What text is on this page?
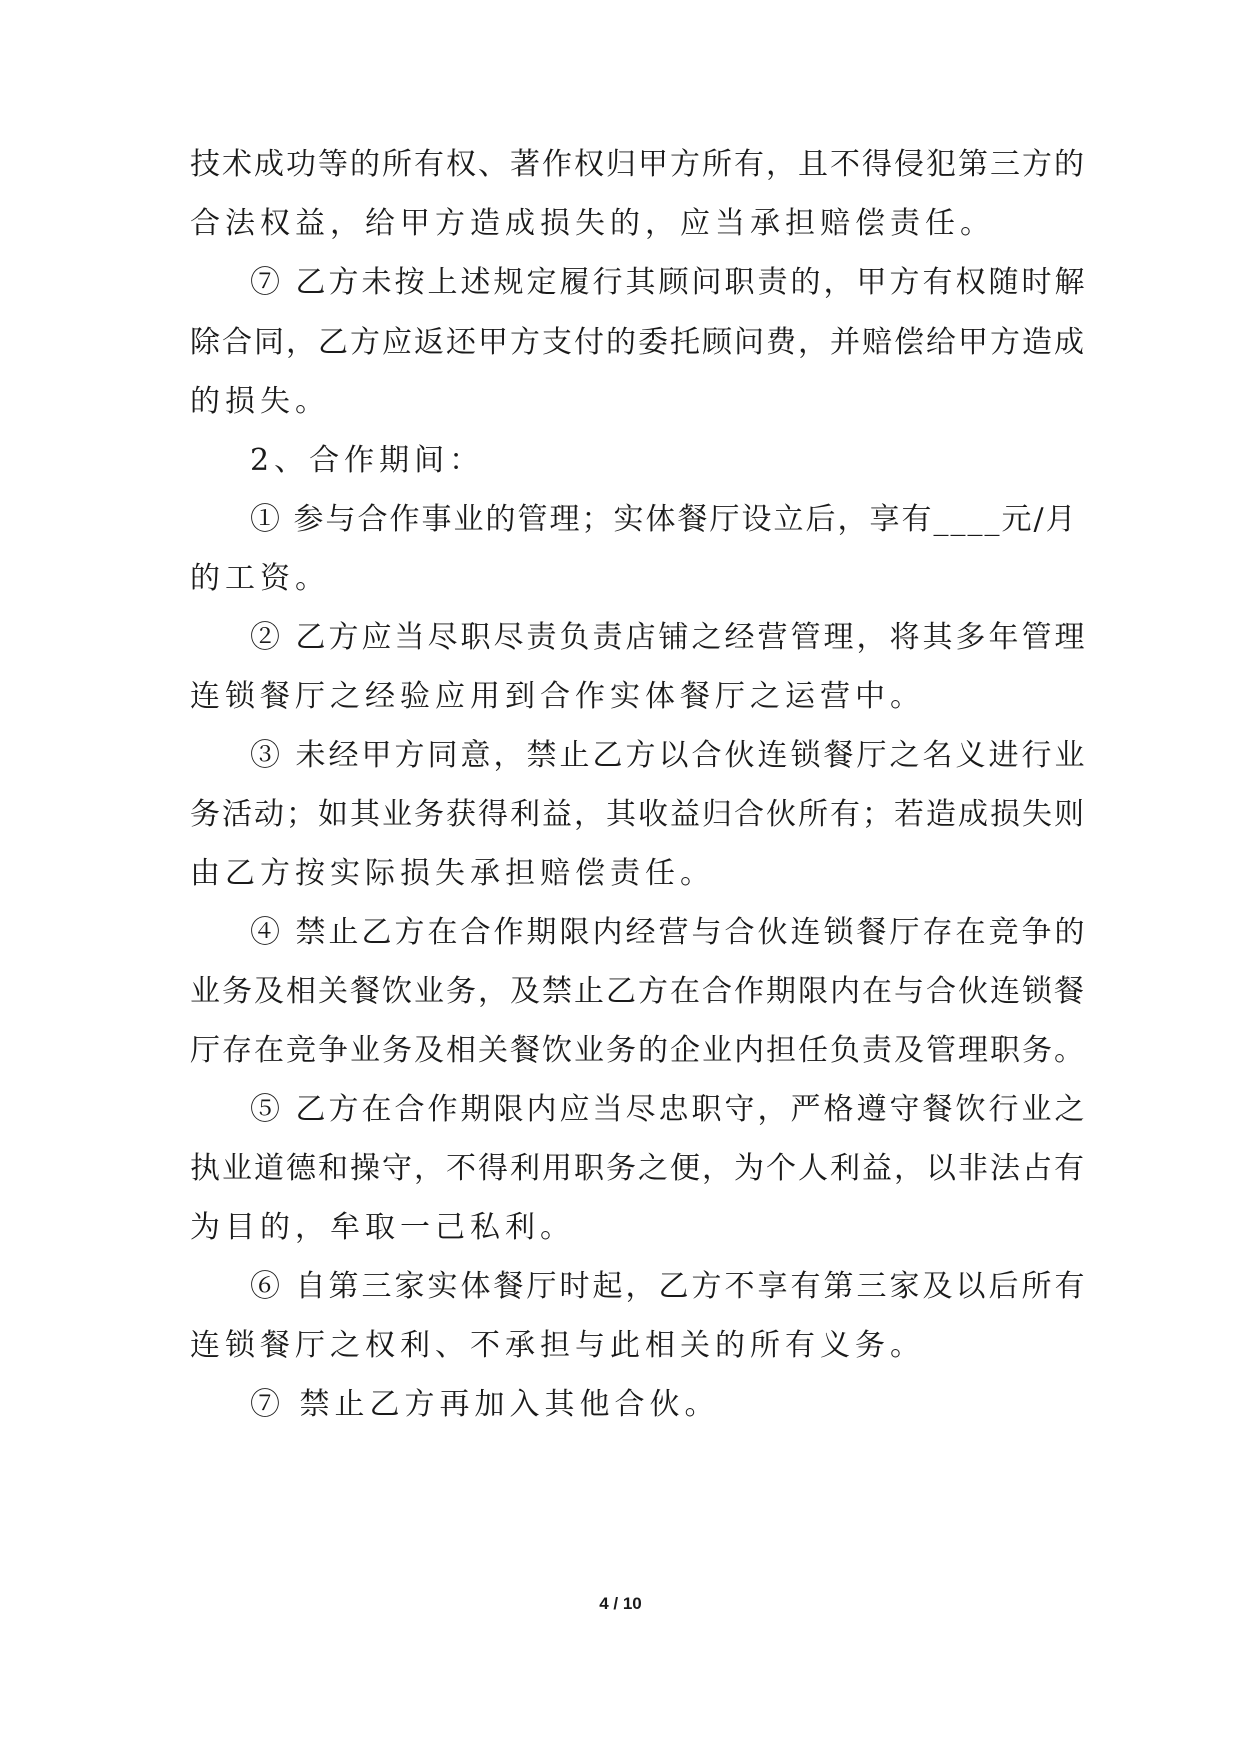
技术成功等的所有权、著作权归甲方所有，且不得侵犯第三方的
合法权益，给甲方造成损失的，应当承担赔偿责任。
⑦ 乙方未按上述规定履行其顾问职责的，甲方有权随时解
除合同，乙方应返还甲方支付的委托顾问费，并赔偿给甲方造成
的损失。
2、合作期间：
① 参与合作事业的管理；实体餐厅设立后，享有____元/月
的工资。
② 乙方应当尽职尽责负责店铺之经营管理，将其多年管理
连锁餐厅之经验应用到合作实体餐厅之运营中。
③ 未经甲方同意，禁止乙方以合伙连锁餐厅之名义进行业
务活动；如其业务获得利益，其收益归合伙所有；若造成损失则
由乙方按实际损失承担赔偿责任。
④ 禁止乙方在合作期限内经营与合伙连锁餐厅存在竞争的
业务及相关餐饮业务，及禁止乙方在合作期限内在与合伙连锁餐
厅存在竞争业务及相关餐饮业务的企业内担任负责及管理职务。
⑤ 乙方在合作期限内应当尽忠职守，严格遵守餐饮行业之
执业道德和操守，不得利用职务之便，为个人利益，以非法占有
为目的，牟取一己私利。
⑥ 自第三家实体餐厅时起，乙方不享有第三家及以后所有
连锁餐厅之权利、不承担与此相关的所有义务。
⑦ 禁止乙方再加入其他合伙。
4 / 10
